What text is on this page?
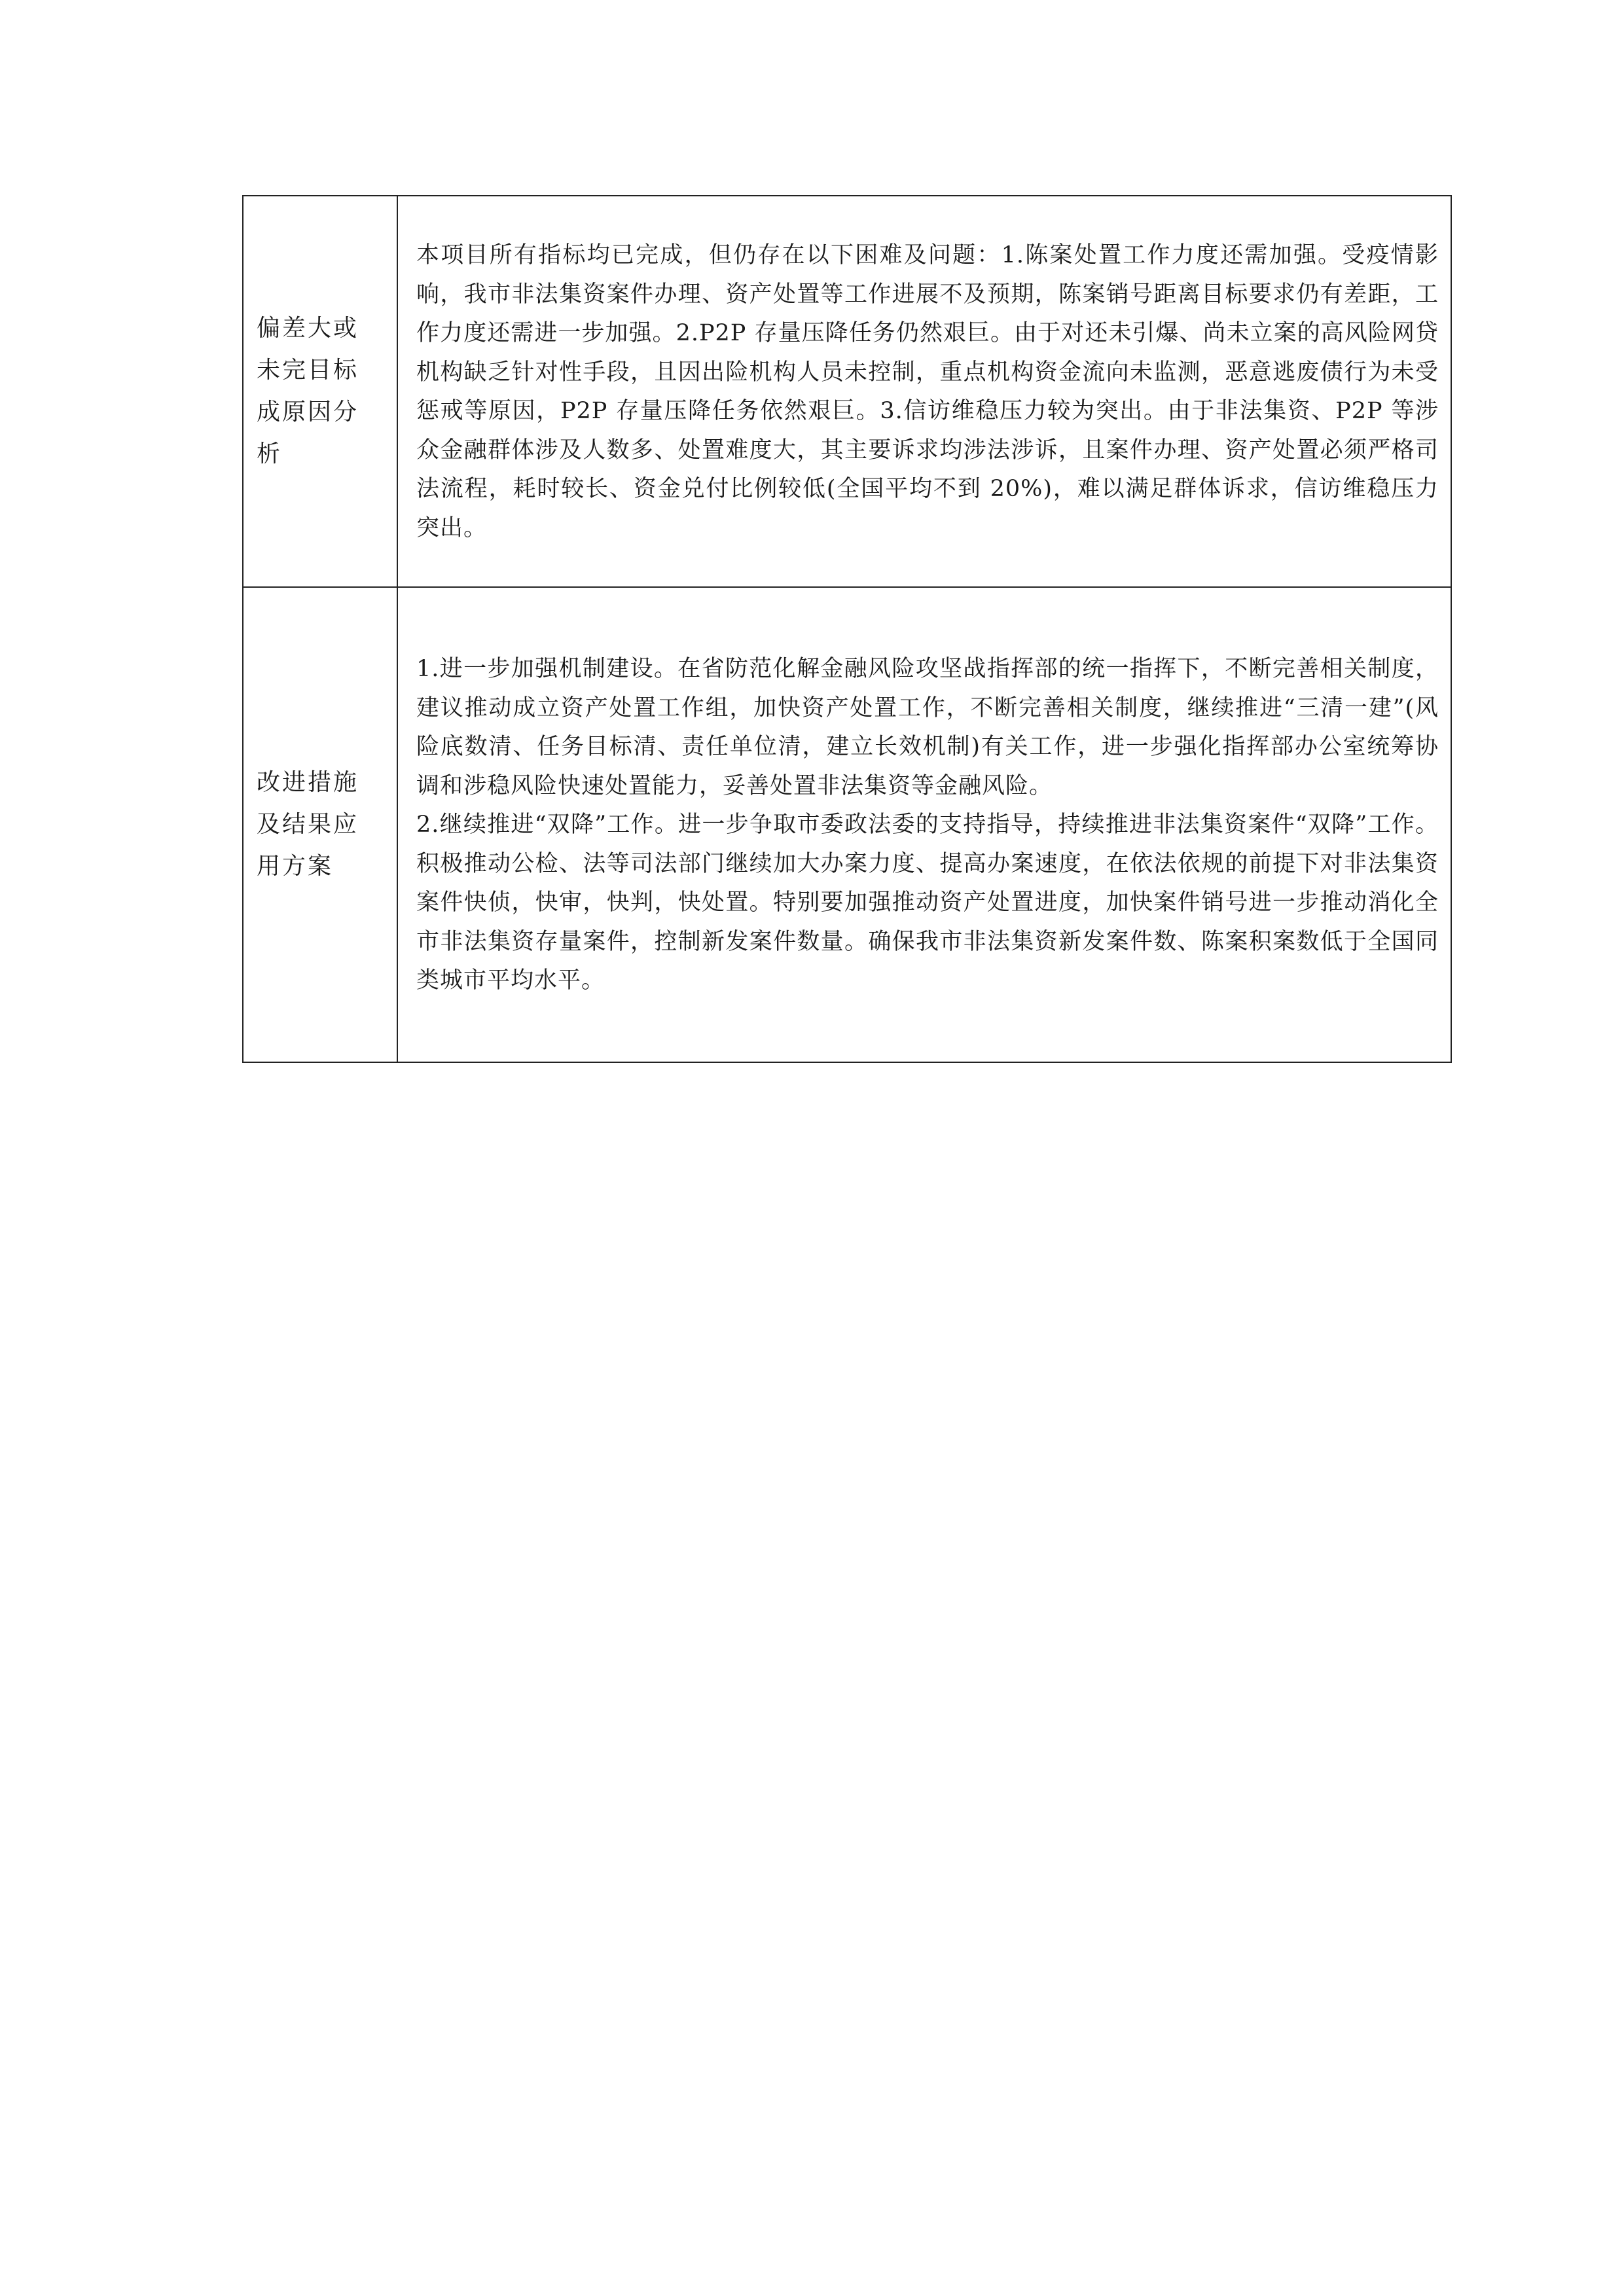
偏差大或未完目标成原因分析	本项目所有指标均已完成，但仍存在以下困难及问题：1.陈案处置工作力度还需加强。受疫情影响，我市非法集资案件办理、资产处置等工作进展不及预期，陈案销号距离目标要求仍有差距，工作力度还需进一步加强。2.P2P 存量压降任务仍然艰巨。由于对还未引爆、尚未立案的高风险网贷机构缺乏针对性手段，且因出险机构人员未控制，重点机构资金流向未监测，恶意逃废债行为未受惩戒等原因，P2P 存量压降任务依然艰巨。3.信访维稳压力较为突出。由于非法集资、P2P 等涉众金融群体涉及人数多、处置难度大，其主要诉求均涉法涉诉，且案件办理、资产处置必须严格司法流程，耗时较长、资金兑付比例较低(全国平均不到 20%)，难以满足群体诉求，信访维稳压力突出。

改进措施及结果应用方案	1.进一步加强机制建设。在省防范化解金融风险攻坚战指挥部的统一指挥下，不断完善相关制度，建议推动成立资产处置工作组，加快资产处置工作，不断完善相关制度，继续推进“三清一建”(风险底数清、任务目标清、责任单位清，建立长效机制)有关工作，进一步强化指挥部办公室统筹协调和涉稳风险快速处置能力，妥善处置非法集资等金融风险。

2.继续推进“双降”工作。进一步争取市委政法委的支持指导，持续推进非法集资案件“双降”工作。积极推动公检、法等司法部门继续加大办案力度、提高办案速度，在依法依规的前提下对非法集资案件快侦，快审，快判，快处置。特别要加强推动资产处置进度，加快案件销号进一步推动消化全市非法集资存量案件，控制新发案件数量。确保我市非法集资新发案件数、陈案积案数低于全国同类城市平均水平。
